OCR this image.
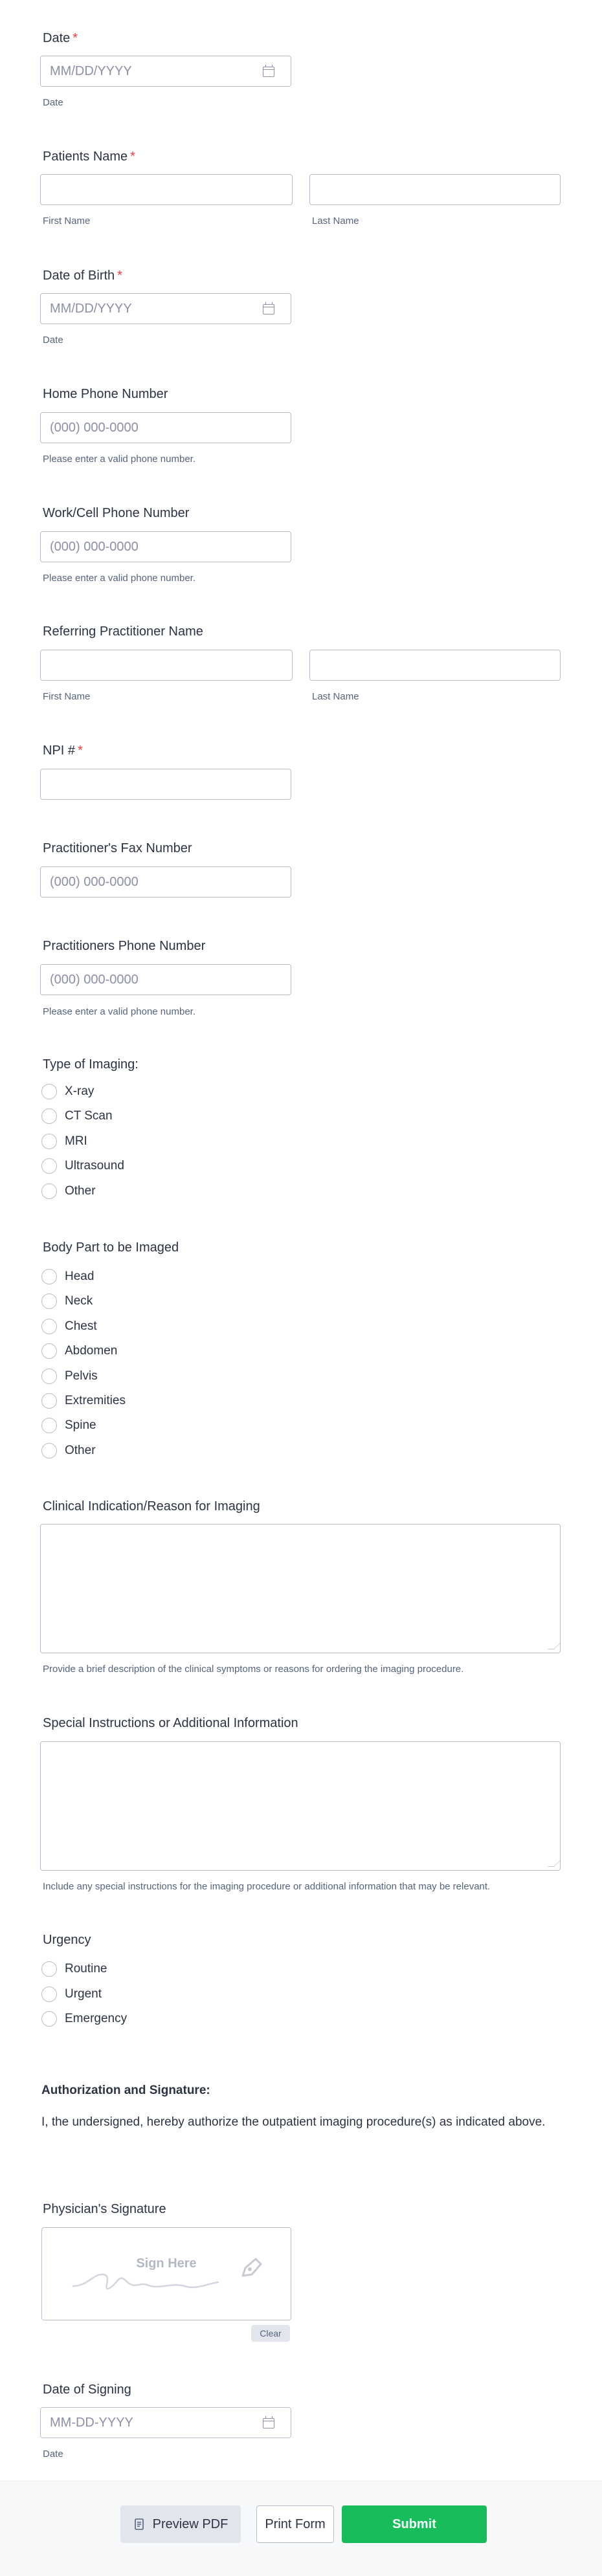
Date *
MM/DD/YYYY
Date
Patients Name *
First Name	Last Name
Date of Birth *
MM/DD/YYYY
Date
Home Phone Number
(000) 000-0000
Please enter a valid phone number.
Work/Cell Phone Number
(000) 000-0000
Please enter a valid phone number.
Referring Practitioner Name
First Name	Last Name
NPI # *
Practitioner's Fax Number
(000) 000-0000
Practitioners Phone Number
(000) 000-0000
Please enter a valid phone number.
Type of Imaging:
X-ray
CT Scan
MRI
Ultrasound
Other
Body Part to be Imaged
Head
Neck
Chest
Abdomen
Pelvis
Extremities
Spine
Other
Clinical Indication/Reason for Imaging
Provide a brief description of the clinical symptoms or reasons for ordering the imaging procedure.
Special Instructions or Additional Information
Include any special instructions for the imaging procedure or additional information that may be relevant.
Urgency
Routine
Urgent
Emergency
Authorization and Signature:
I, the undersigned, hereby authorize the outpatient imaging procedure(s) as indicated above.
Physician's Signature
Sign Here
Clear
Date of Signing
MM-DD-YYYY
Date
Preview PDF	Print Form	Submit
